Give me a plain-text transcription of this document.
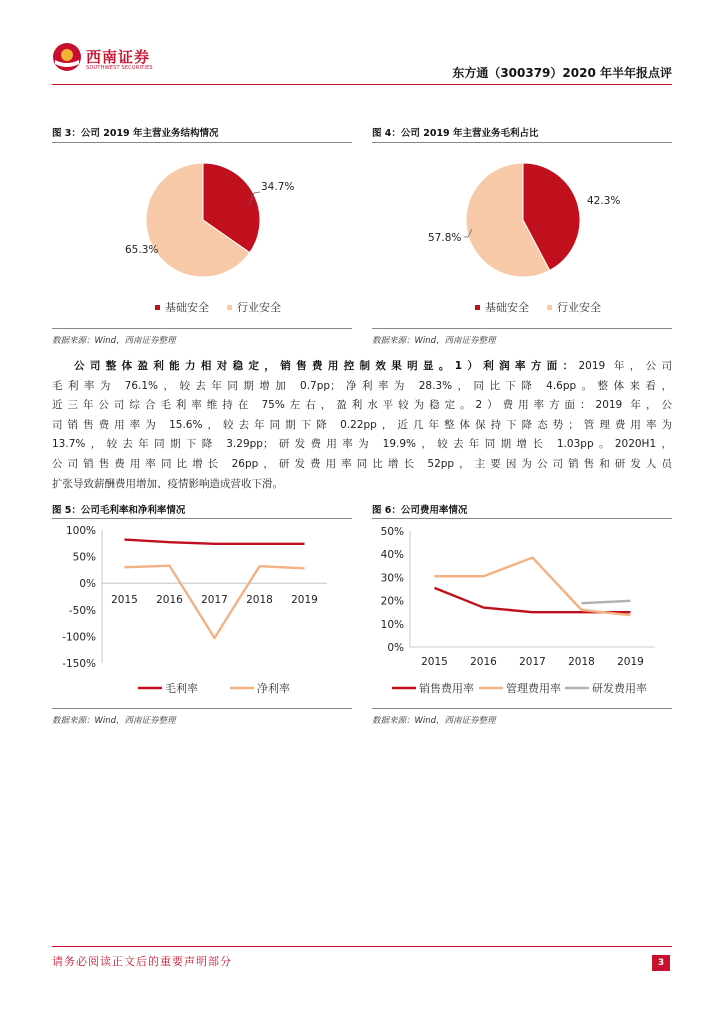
西南证券
SOUTHWEST SECURITIES	东方通（300379）2020 年半年报点评
图 3：公司 2019 年主营业务结构情况
34.7%
65.3%
基础安全	行业安全
数据来源：Wind，西南证券整理
图 4：公司 2019 年主营业务毛利占比
42.3%
57.8%
基础安全	行业安全
数据来源：Wind，西南证券整理
公司整体盈利能力相对稳定，销售费用控制效果明显。1）利润率方面：2019 年，公司
毛利率为 76.1%，较去年同期增加 0.7pp；净利率为 28.3%，同比下降 4.6pp。整体来看，
近三年公司综合毛利率维持在 75%左右，盈利水平较为稳定。2）费用率方面：2019 年，公
司销售费用率为 15.6%，较去年同期下降 0.22pp，近几年整体保持下降态势；管理费用率为
13.7%，较去年同期下降 3.29pp；研发费用率为 19.9%，较去年同期增长 1.03pp。2020H1，
公司销售费用率同比增长 26pp，研发费用率同比增长 52pp，主要因为公司销售和研发人员
扩张导致薪酬费用增加、疫情影响造成营收下滑。
图 5：公司毛利率和净利率情况
100%
50%
0%
-50%
-100%
-150%
2015 2016 2017 2018 2019
毛利率	净利率
数据来源：Wind，西南证券整理
图 6：公司费用率情况
50%
40%
30%
20%
10%
0%
2015 2016 2017 2018 2019
销售费用率	管理费用率	研发费用率
数据来源：Wind，西南证券整理
请务必阅读正文后的重要声明部分	3
